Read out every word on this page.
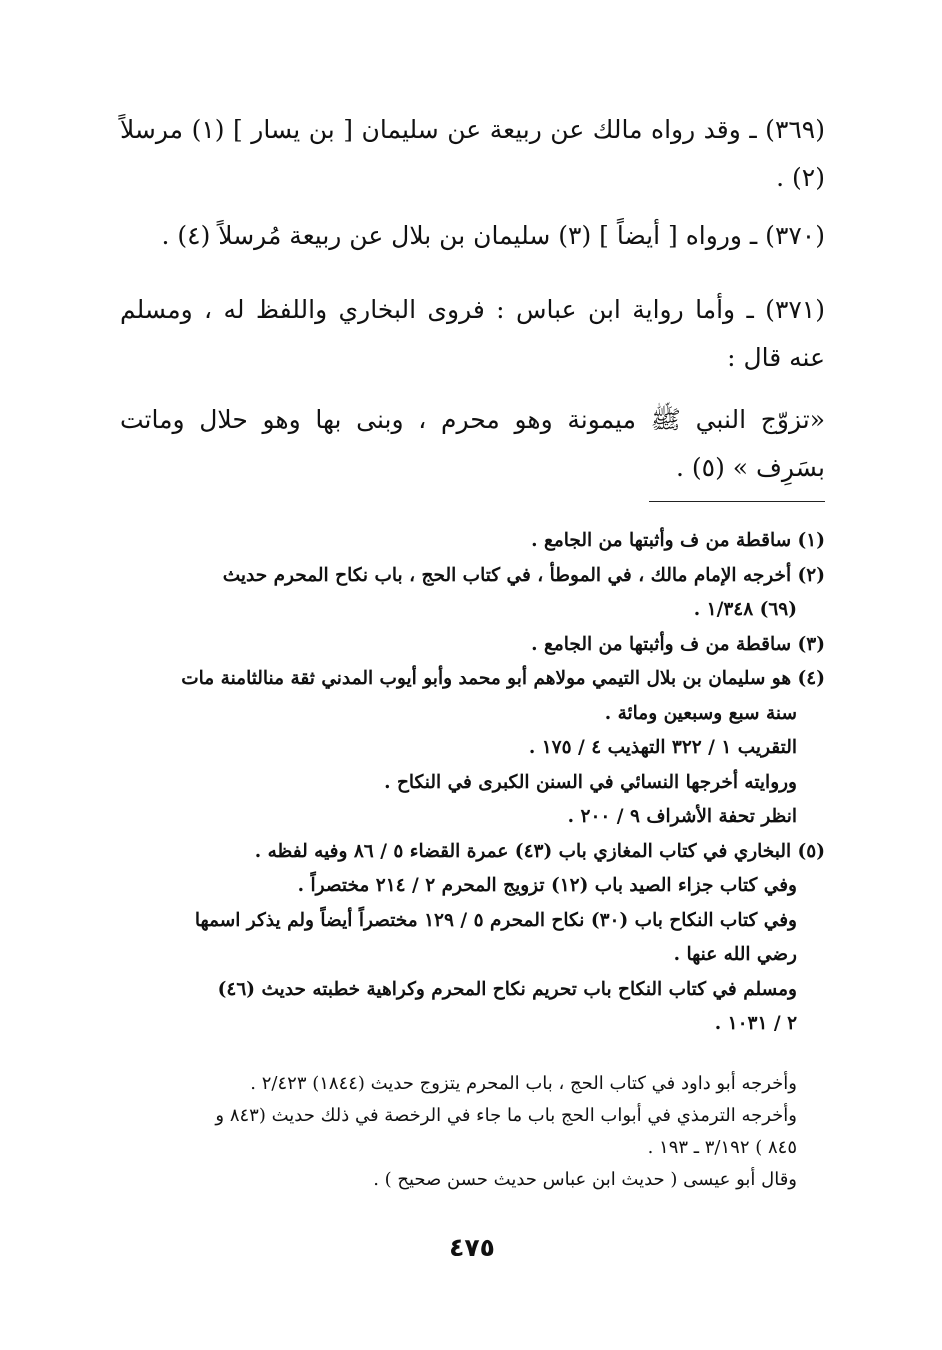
(٣٦٩) ـ وقد رواه مالك عن ربيعة عن سليمان [ بن يسار ] (١) مرسلاً (٢) .

(٣٧٠) ـ ورواه [ أيضاً ] (٣) سليمان بن بلال عن ربيعة مُرسلاً (٤) .

(٣٧١) ـ وأما رواية ابن عباس : فروى البخاري واللفظ له ، ومسلم عنه قال :

«تزوّج النبي ﷺ ميمونة وهو محرم ، وبنى بها وهو حلال وماتت بسَرِف » (٥) .

(١) ساقطة من ف وأثبتها من الجامع .

(٢) أخرجه الإمام مالك ، في الموطأ ، في كتاب الحج ، باب نكاح المحرم حديث

(٦٩) ١/٣٤٨ .

(٣) ساقطة من ف وأثبتها من الجامع .

(٤) هو سليمان بن بلال التيمي مولاهم أبو محمد وأبو أيوب المدني ثقة منالثامنة مات

سنة سبع وسبعين ومائة .

التقريب ١ / ٣٢٢ التهذيب ٤ / ١٧٥ .

وروايته أخرجها النسائي في السنن الكبرى في النكاح .

انظر تحفة الأشراف ٩ / ٢٠٠ .

(٥) البخاري في كتاب المغازي باب (٤٣) عمرة القضاء ٥ / ٨٦ وفيه لفظه .

وفي كتاب جزاء الصيد باب (١٢) تزويج المحرم ٢ / ٢١٤ مختصراً .

وفي كتاب النكاح باب (٣٠) نكاح المحرم ٥ / ١٢٩ مختصراً أيضاً ولم يذكر اسمها

رضي الله عنها .

ومسلم في كتاب النكاح باب تحريم نكاح المحرم وكراهية خطبته حديث (٤٦)

٢ / ١٠٣١ .

وأخرجه أبو داود في كتاب الحج ، باب المحرم يتزوج حديث (١٨٤٤) ٢/٤٢٣ .

وأخرجه الترمذي في أبواب الحج باب ما جاء في الرخصة في ذلك حديث (٨٤٣ و

٨٤٥ ) ٣/١٩٢ ـ ١٩٣ .

وقال أبو عيسى ( حديث ابن عباس حديث حسن صحيح ) .

٤٧٥
